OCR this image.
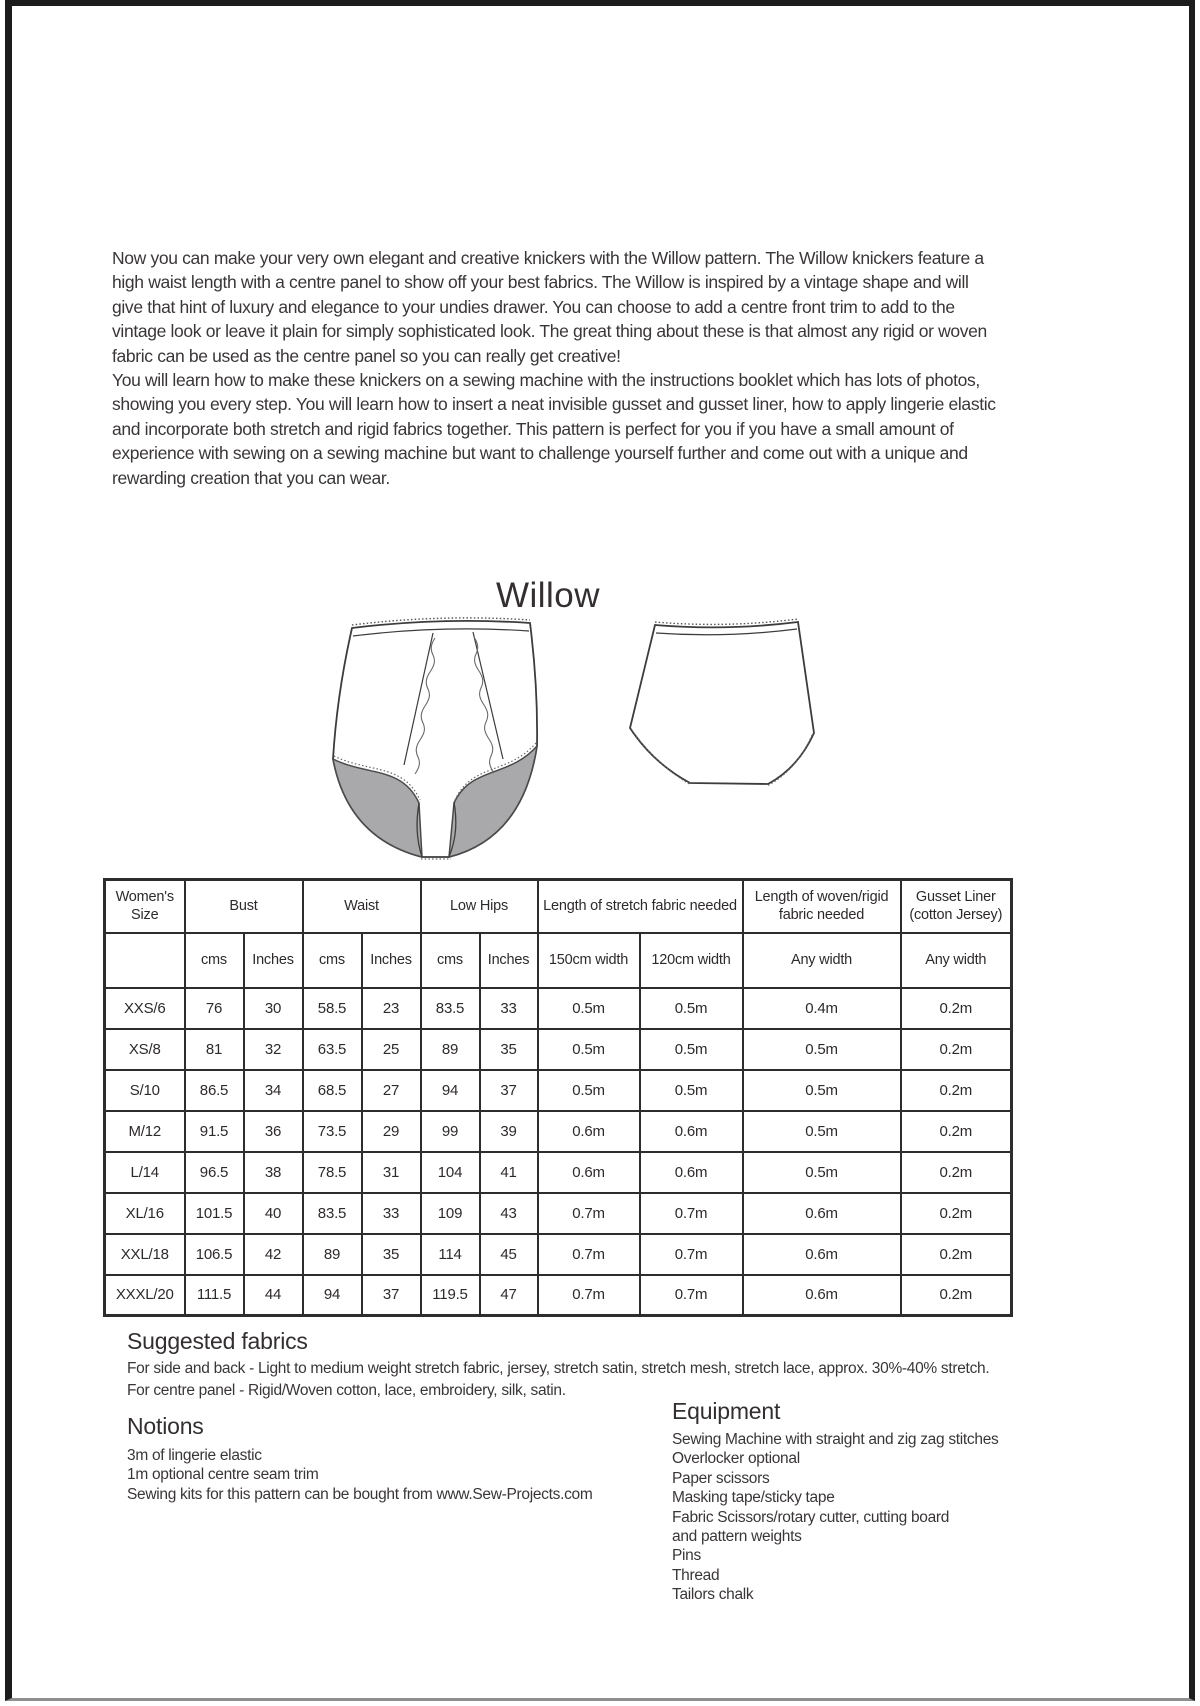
Now you can make your very own elegant and creative knickers with the Willow pattern. The Willow knickers feature a high waist length with a centre panel to show off your best fabrics. The Willow is inspired by a vintage shape and will give that hint of luxury and elegance to your undies drawer. You can choose to add a centre front trim to add to the vintage look or leave it plain for simply sophisticated look. The great thing about these is that almost any rigid or woven fabric can be used as the centre panel so you can really get creative!
You will learn how to make these knickers on a sewing machine with the instructions booklet which has lots of photos, showing you every step. You will learn how to insert a neat invisible gusset and gusset liner, how to apply lingerie elastic and incorporate both stretch and rigid fabrics together. This pattern is perfect for you if you have a small amount of experience with sewing on a sewing machine but want to challenge yourself further and come out with a unique and rewarding creation that you can wear.
Willow
Women's Size	Bust		Waist		Low Hips		Length of stretch fabric needed		Length of woven/rigid fabric needed	Gusset Liner (cotton Jersey)
	cms	Inches	cms	Inches	cms	Inches	150cm width	120cm width	Any width	Any width
XXS/6	76	30	58.5	23	83.5	33	0.5m	0.5m	0.4m	0.2m
XS/8	81	32	63.5	25	89	35	0.5m	0.5m	0.5m	0.2m
S/10	86.5	34	68.5	27	94	37	0.5m	0.5m	0.5m	0.2m
M/12	91.5	36	73.5	29	99	39	0.6m	0.6m	0.5m	0.2m
L/14	96.5	38	78.5	31	104	41	0.6m	0.6m	0.5m	0.2m
XL/16	101.5	40	83.5	33	109	43	0.7m	0.7m	0.6m	0.2m
XXL/18	106.5	42	89	35	114	45	0.7m	0.7m	0.6m	0.2m
XXXL/20	111.5	44	94	37	119.5	47	0.7m	0.7m	0.6m	0.2m
Suggested fabrics
For side and back - Light to medium weight stretch fabric, jersey, stretch satin, stretch mesh, stretch lace, approx. 30%-40% stretch.
For centre panel - Rigid/Woven cotton, lace, embroidery, silk, satin.
Notions
3m of lingerie elastic
1m optional centre seam trim
Sewing kits for this pattern can be bought from www.Sew-Projects.com
Equipment
Sewing Machine with straight and zig zag stitches
Overlocker optional
Paper scissors
Masking tape/sticky tape
Fabric Scissors/rotary cutter, cutting board
and pattern weights
Pins
Thread
Tailors chalk
